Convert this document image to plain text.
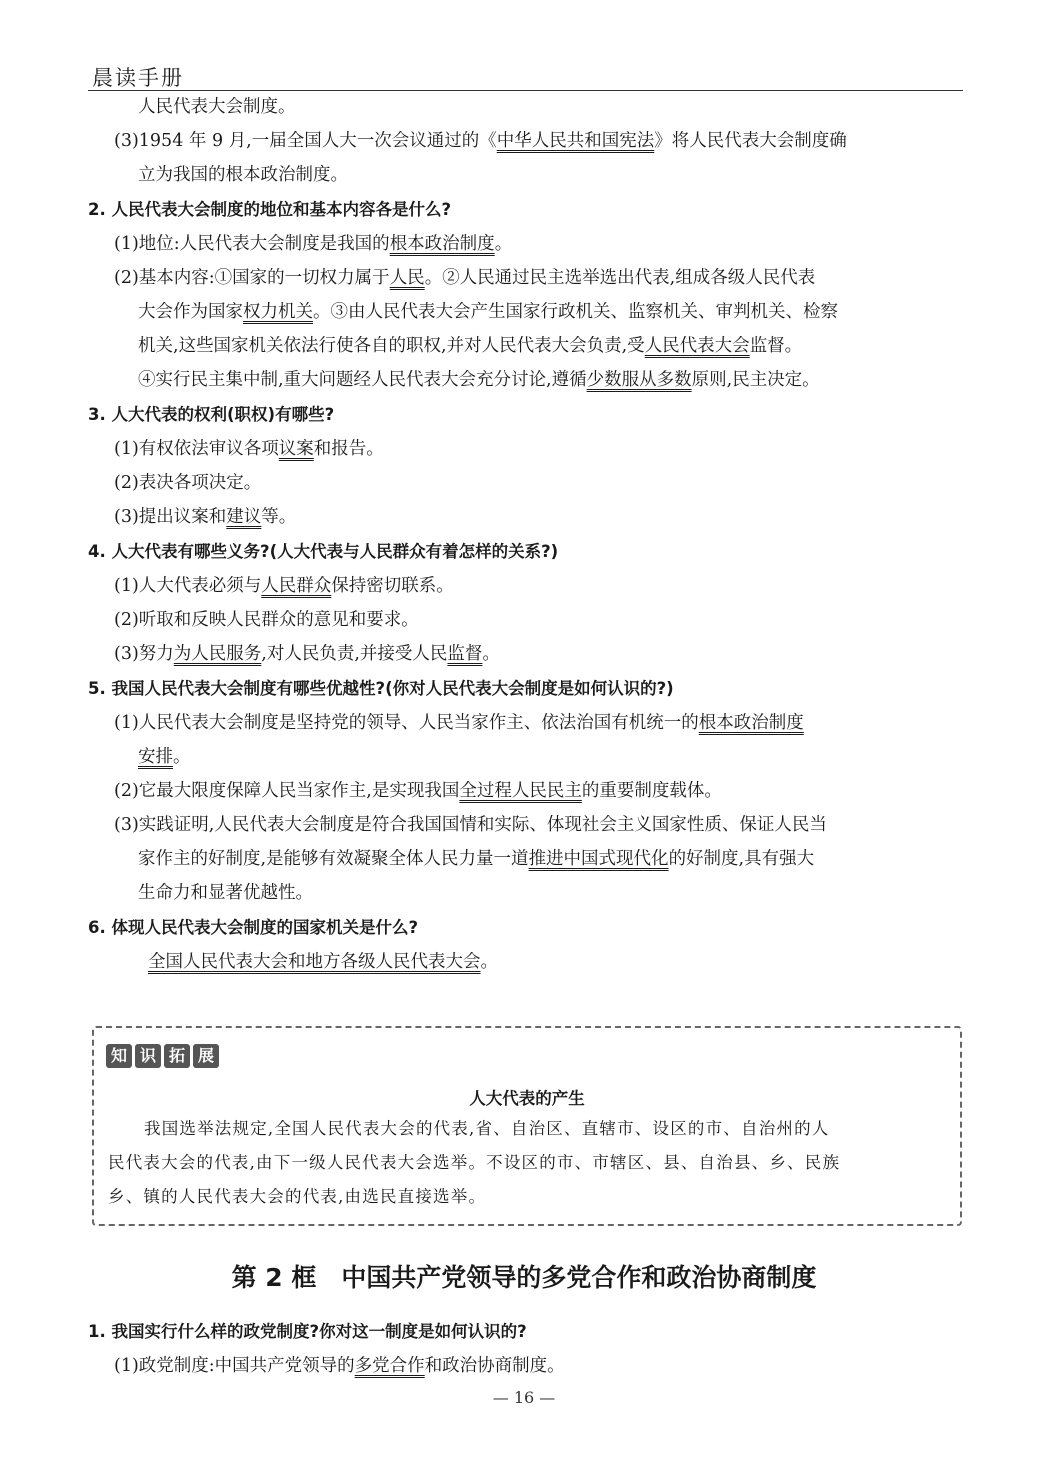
晨读手册
人民代表大会制度。
(3)1954 年 9 月,一届全国人大一次会议通过的《中华人民共和国宪法》将人民代表大会制度确
立为我国的根本政治制度。
2. 人民代表大会制度的地位和基本内容各是什么?
(1)地位:人民代表大会制度是我国的根本政治制度。
(2)基本内容:①国家的一切权力属于人民。②人民通过民主选举选出代表,组成各级人民代表
大会作为国家权力机关。③由人民代表大会产生国家行政机关、监察机关、审判机关、检察
机关,这些国家机关依法行使各自的职权,并对人民代表大会负责,受人民代表大会监督。
④实行民主集中制,重大问题经人民代表大会充分讨论,遵循少数服从多数原则,民主决定。
3. 人大代表的权利(职权)有哪些?
(1)有权依法审议各项议案和报告。
(2)表决各项决定。
(3)提出议案和建议等。
4. 人大代表有哪些义务?(人大代表与人民群众有着怎样的关系?)
(1)人大代表必须与人民群众保持密切联系。
(2)听取和反映人民群众的意见和要求。
(3)努力为人民服务,对人民负责,并接受人民监督。
5. 我国人民代表大会制度有哪些优越性?(你对人民代表大会制度是如何认识的?)
(1)人民代表大会制度是坚持党的领导、人民当家作主、依法治国有机统一的根本政治制度
安排。
(2)它最大限度保障人民当家作主,是实现我国全过程人民民主的重要制度载体。
(3)实践证明,人民代表大会制度是符合我国国情和实际、体现社会主义国家性质、保证人民当
家作主的好制度,是能够有效凝聚全体人民力量一道推进中国式现代化的好制度,具有强大
生命力和显著优越性。
6. 体现人民代表大会制度的国家机关是什么?
全国人民代表大会和地方各级人民代表大会。
知 识 拓 展
人大代表的产生
我国选举法规定,全国人民代表大会的代表,省、自治区、直辖市、设区的市、自治州的人
民代表大会的代表,由下一级人民代表大会选举。不设区的市、市辖区、县、自治县、乡、民族
乡、镇的人民代表大会的代表,由选民直接选举。
第 2 框　中国共产党领导的多党合作和政治协商制度
1. 我国实行什么样的政党制度?你对这一制度是如何认识的?
(1)政党制度:中国共产党领导的多党合作和政治协商制度。
— 16 —
